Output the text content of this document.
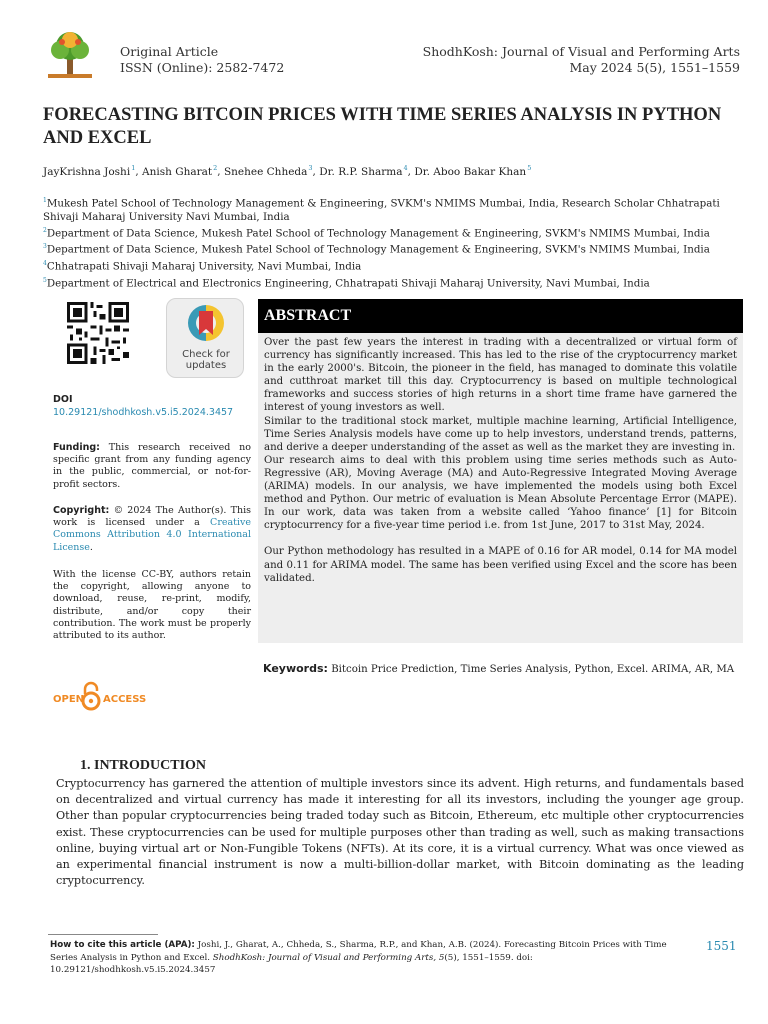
Original Article
ISSN (Online): 2582-7472
ShodhKosh: Journal of Visual and Performing Arts
May 2024 5(5), 1551–1559
FORECASTING BITCOIN PRICES WITH TIME SERIES ANALYSIS IN PYTHON AND EXCEL
JayKrishna Joshi$^1$, Anish Gharat$^2$, Snehee Chheda$^3$, Dr. R.P. Sharma$^4$, Dr. Aboo Bakar Khan$^5$
$^1$Mukesh Patel School of Technology Management & Engineering, SVKM's NMIMS Mumbai, India, Research Scholar Chhatrapati Shivaji Maharaj University Navi Mumbai, India
$^2$Department of Data Science, Mukesh Patel School of Technology Management & Engineering, SVKM's NMIMS Mumbai, India
$^3$Department of Data Science, Mukesh Patel School of Technology Management & Engineering, SVKM's NMIMS Mumbai, India
$^4$Chhatrapati Shivaji Maharaj University, Navi Mumbai, India
$^5$Department of Electrical and Electronics Engineering, Chhatrapati Shivaji Maharaj University, Navi Mumbai, India
Check for updates
DOI
10.29121/shodhkosh.v5.i5.2024.3457
Funding: This research received no specific grant from any funding agency in the public, commercial, or not-for-profit sectors.
Copyright: © 2024 The Author(s). This work is licensed under a Creative Commons Attribution 4.0 International License.
With the license CC-BY, authors retain the copyright, allowing anyone to download, reuse, re-print, modify, distribute, and/or copy their contribution. The work must be properly attributed to its author.
OPEN ACCESS
ABSTRACT

Over the past few years the interest in trading with a decentralized or virtual form of currency has significantly increased. This has led to the rise of the cryptocurrency market in the early 2000's. Bitcoin, the pioneer in the field, has managed to dominate this volatile and cutthroat market till this day. Cryptocurrency is based on multiple technological frameworks and success stories of high returns in a short time frame have garnered the interest of young investors as well.

Similar to the traditional stock market, multiple machine learning, Artificial Intelligence, Time Series Analysis models have come up to help investors, understand trends, patterns, and derive a deeper understanding of the asset as well as the market they are investing in.

Our research aims to deal with this problem using time series methods such as Auto-Regressive (AR), Moving Average (MA) and Auto-Regressive Integrated Moving Average (ARIMA) models. In our analysis, we have implemented the models using both Excel method and Python. Our metric of evaluation is Mean Absolute Percentage Error (MAPE). In our work, data was taken from a website called ‘Yahoo finance’ [1] for Bitcoin cryptocurrency for a five-year time period i.e. from 1st June, 2017 to 31st May, 2024.

Our Python methodology has resulted in a MAPE of 0.16 for AR model, 0.14 for MA model and 0.11 for ARIMA model. The same has been verified using Excel and the score has been validated.

Keywords: Bitcoin Price Prediction, Time Series Analysis, Python, Excel. ARIMA, AR, MA
1. INTRODUCTION

Cryptocurrency has garnered the attention of multiple investors since its advent. High returns, and fundamentals based on decentralized and virtual currency has made it interesting for all its investors, including the younger age group. Other than popular cryptocurrencies being traded today such as Bitcoin, Ethereum, etc multiple other cryptocurrencies exist. These cryptocurrencies can be used for multiple purposes other than trading as well, such as making transactions online, buying virtual art or Non-Fungible Tokens (NFTs). At its core, it is a virtual currency. What was once viewed as an experimental financial instrument is now a multi-billion-dollar market, with Bitcoin dominating as the leading cryptocurrency.

How to cite this article (APA): Joshi, J., Gharat, A., Chheda, S., Sharma, R.P., and Khan, A.B. (2024). Forecasting Bitcoin Prices with Time Series Analysis in Python and Excel. ShodhKosh: Journal of Visual and Performing Arts, 5(5), 1551–1559. doi: 10.29121/shodhkosh.v5.i5.2024.3457
1551
